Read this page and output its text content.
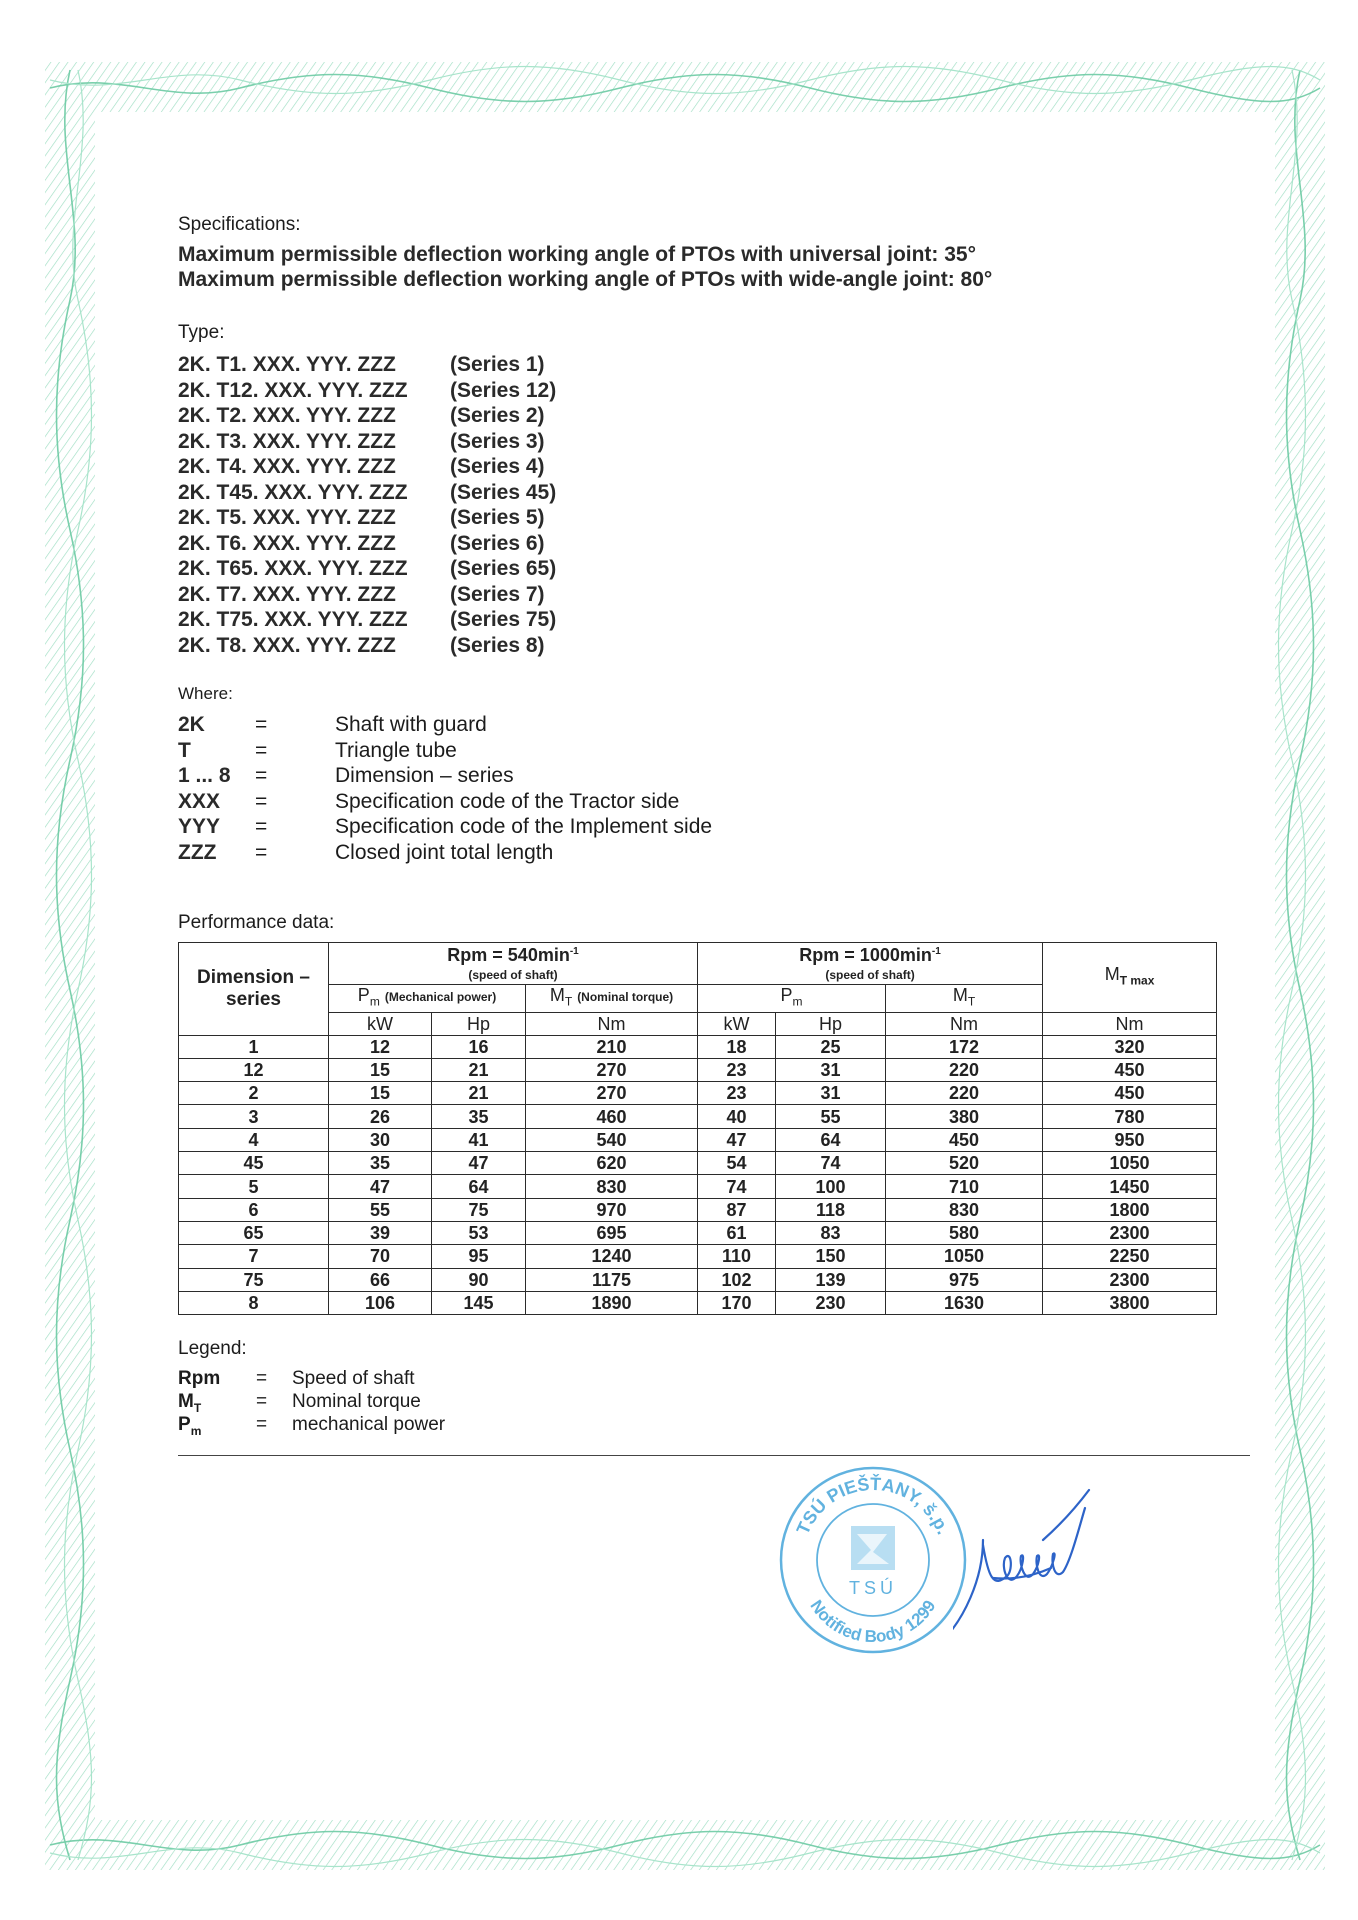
Specifications:
Maximum permissible deflection working angle of PTOs with universal joint: 35°
Maximum permissible deflection working angle of PTOs with wide-angle joint: 80°
Type:
2K. T1. XXX. YYY. ZZZ	(Series 1)
2K. T12. XXX. YYY. ZZZ (Series 12)
2K. T2. XXX. YYY. ZZZ	(Series 2)
2K. T3. XXX. YYY. ZZZ	(Series 3)
2K. T4. XXX. YYY. ZZZ	(Series 4)
2K. T45. XXX. YYY. ZZZ (Series 45)
2K. T5. XXX. YYY. ZZZ	(Series 5)
2K. T6. XXX. YYY. ZZZ	(Series 6)
2K. T65. XXX. YYY. ZZZ (Series 65)
2K. T7. XXX. YYY. ZZZ	(Series 7)
2K. T75. XXX. YYY. ZZZ (Series 75)
2K. T8. XXX. YYY. ZZZ	(Series 8)
Where:
2K =	Shaft with guard
T	=	Triangle tube
1 ... 8 =	Dimension – series
XXX =	Specification code of the Tractor side
YYY =	Specification code of the Implement side
ZZZ =	Closed joint total length
Performance data:
Dimension – series	Rpm = $540\min^{-1}$
(speed of shaft)			Rpm = $1000\min^{-1}$
(speed of shaft)			$M_{T max}$
	$P_m$ (Mechanical power)		$M_T$ (Nominal torque)	$P_m$		$M_T$
	kW	Hp	Nm	kW	Hp	Nm	Nm
1	12	16	210	18	25	172	320
12	15	21	270	23	31	220	450
2	15	21	270	23	31	220	450
3	26	35	460	40	55	380	780
4	30	41	540	47	64	450	950
45	35	47	620	54	74	520	1050
5	47	64	830	74	100	710	1450
6	55	75	970	87	118	830	1800
65	39	53	695	61	83	580	2300
7	70	95	1240	110	150	1050	2250
75	66	90	1175	102	139	975	2300
8	106	145	1890	170	230	1630	3800
Legend:
Rpm = Speed of shaft
$M_T$	= Nominal torque
$P_m$	= mechanical power
TSÚ PIEŠŤANY, š.p.
Notified Body 1299
TSÚ
